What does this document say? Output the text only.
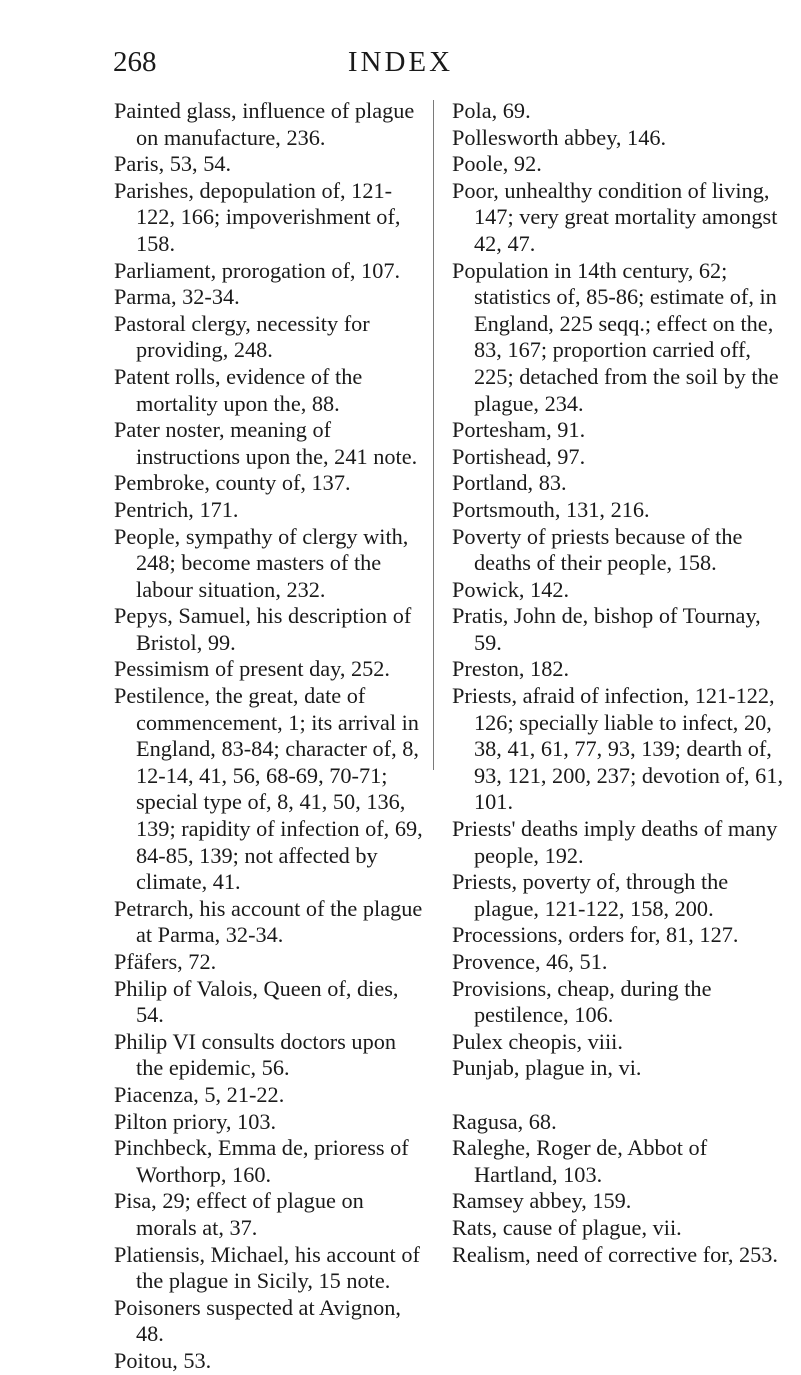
268	INDEX
Painted glass, influence of plague on manufacture, 236.
Paris, 53, 54.
Parishes, depopulation of, 121-122, 166; impoverishment of, 158.
Parliament, prorogation of, 107.
Parma, 32-34.
Pastoral clergy, necessity for providing, 248.
Patent rolls, evidence of the mortality upon the, 88.
Pater noster, meaning of instructions upon the, 241 note.
Pembroke, county of, 137.
Pentrich, 171.
People, sympathy of clergy with, 248; become masters of the labour situation, 232.
Pepys, Samuel, his description of Bristol, 99.
Pessimism of present day, 252.
Pestilence, the great, date of commencement, 1; its arrival in England, 83-84; character of, 8, 12-14, 41, 56, 68-69, 70-71; special type of, 8, 41, 50, 136, 139; rapidity of infection of, 69, 84-85, 139; not affected by climate, 41.
Petrarch, his account of the plague at Parma, 32-34.
Pfäfers, 72.
Philip of Valois, Queen of, dies, 54.
Philip VI consults doctors upon the epidemic, 56.
Piacenza, 5, 21-22.
Pilton priory, 103.
Pinchbeck, Emma de, prioress of Worthorp, 160.
Pisa, 29; effect of plague on morals at, 37.
Platiensis, Michael, his account of the plague in Sicily, 15 note.
Poisoners suspected at Avignon, 48.
Poitou, 53.
Pola, 69.
Pollesworth abbey, 146.
Poole, 92.
Poor, unhealthy condition of living, 147; very great mortality amongst 42, 47.
Population in 14th century, 62; statistics of, 85-86; estimate of, in England, 225 seqq.; effect on the, 83, 167; proportion carried off, 225; detached from the soil by the plague, 234.
Portesham, 91.
Portishead, 97.
Portland, 83.
Portsmouth, 131, 216.
Poverty of priests because of the deaths of their people, 158.
Powick, 142.
Pratis, John de, bishop of Tournay, 59.
Preston, 182.
Priests, afraid of infection, 121-122, 126; specially liable to infect, 20, 38, 41, 61, 77, 93, 139; dearth of, 93, 121, 200, 237; devotion of, 61, 101.
Priests' deaths imply deaths of many people, 192.
Priests, poverty of, through the plague, 121-122, 158, 200.
Processions, orders for, 81, 127.
Provence, 46, 51.
Provisions, cheap, during the pestilence, 106.
Pulex cheopis, viii.
Punjab, plague in, vi.
Ragusa, 68.
Raleghe, Roger de, Abbot of Hartland, 103.
Ramsey abbey, 159.
Rats, cause of plague, vii.
Realism, need of corrective for, 253.
